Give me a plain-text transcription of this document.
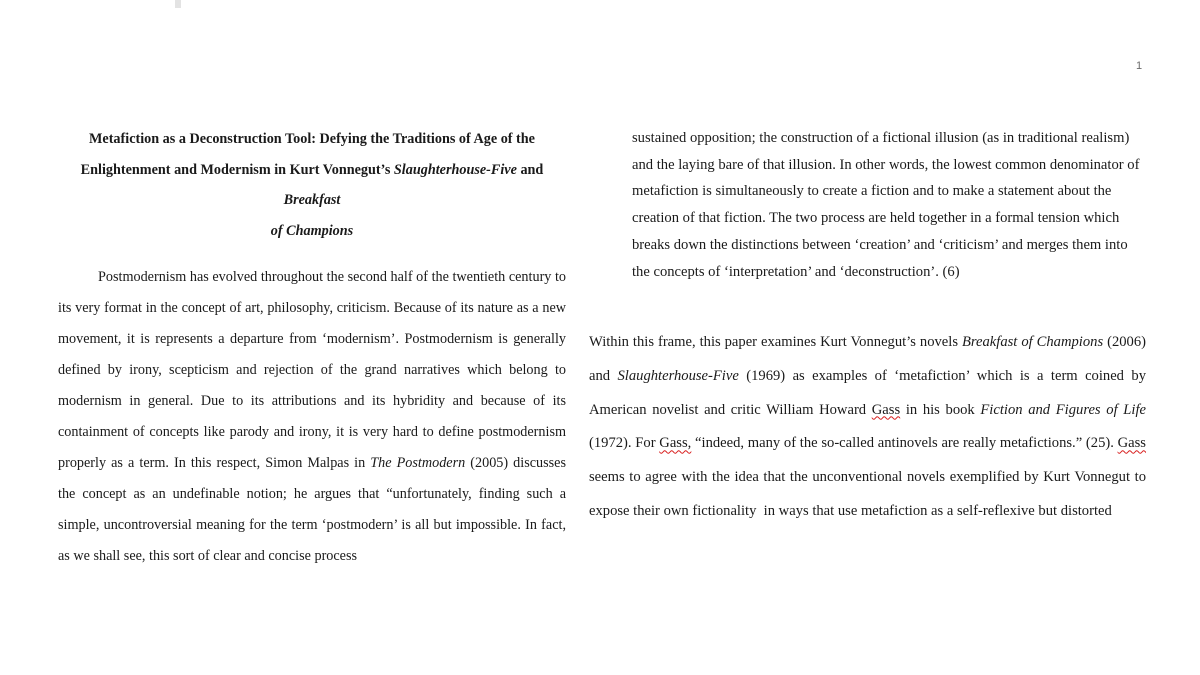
1
Metafiction as a Deconstruction Tool: Defying the Traditions of Age of the
Enlightenment and Modernism in Kurt Vonnegut’s Slaughterhouse-Five and Breakfast
of Champions
Postmodernism has evolved throughout the second half of the twentieth century to its very format in the concept of art, philosophy, criticism. Because of its nature as a new movement, it is represents a departure from ‘modernism’. Postmodernism is generally defined by irony, scepticism and rejection of the grand narratives which belong to modernism in general. Due to its attributions and its hybridity and because of its containment of concepts like parody and irony, it is very hard to define postmodernism properly as a term. In this respect, Simon Malpas in The Postmodern (2005) discusses the concept as an undefinable notion; he argues that “unfortunately, finding such a simple, uncontroversial meaning for the term ‘postmodern’ is all but impossible. In fact, as we shall see, this sort of clear and concise process
sustained opposition; the construction of a fictional illusion (as in traditional realism) and the laying bare of that illusion. In other words, the lowest common denominator of metafiction is simultaneously to create a fiction and to make a statement about the creation of that fiction. The two process are held together in a formal tension which breaks down the distinctions between ‘creation’ and ‘criticism’ and merges them into the concepts of ‘interpretation’ and ‘deconstruction’. (6)
Within this frame, this paper examines Kurt Vonnegut’s novels Breakfast of Champions (2006) and Slaughterhouse-Five (1969) as examples of ‘metafiction’ which is a term coined by American novelist and critic William Howard Gass in his book Fiction and Figures of Life (1972). For Gass, “indeed, many of the so-called antinovels are really metafictions.” (25). Gass seems to agree with the idea that the unconventional novels exemplified by Kurt Vonnegut to expose their own fictionality  in ways that use metafiction as a self-reflexive but distorted
